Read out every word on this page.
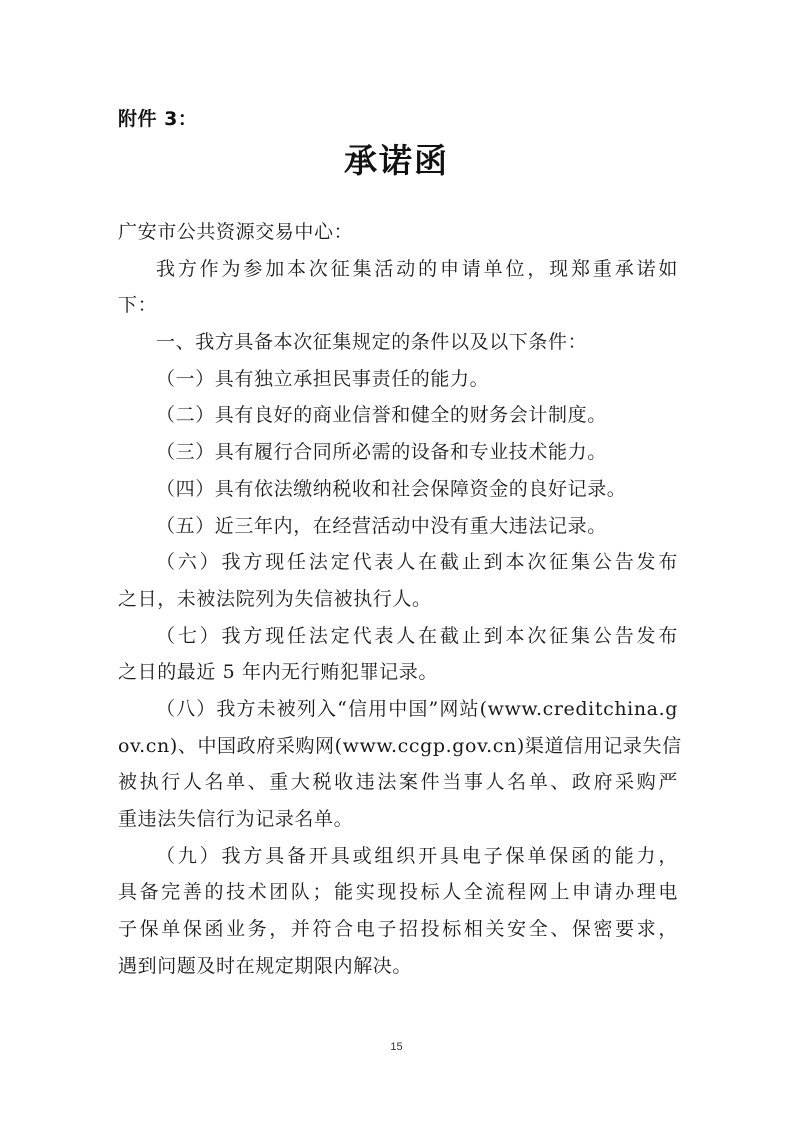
附件 3：
承诺函

广安市公共资源交易中心：

我方作为参加本次征集活动的申请单位，现郑重承诺如

下：

一、我方具备本次征集规定的条件以及以下条件：

（一）具有独立承担民事责任的能力。

（二）具有良好的商业信誉和健全的财务会计制度。

（三）具有履行合同所必需的设备和专业技术能力。

（四）具有依法缴纳税收和社会保障资金的良好记录。

（五）近三年内，在经营活动中没有重大违法记录。

（六）我方现任法定代表人在截止到本次征集公告发布

之日，未被法院列为失信被执行人。

（七）我方现任法定代表人在截止到本次征集公告发布

之日的最近 5 年内无行贿犯罪记录。

（八）我方未被列入“信用中国”网站(www.creditchina.g

ov.cn)、中国政府采购网(www.ccgp.gov.cn)渠道信用记录失信

被执行人名单、重大税收违法案件当事人名单、政府采购严

重违法失信行为记录名单。

（九）我方具备开具或组织开具电子保单保函的能力，

具备完善的技术团队；能实现投标人全流程网上申请办理电

子保单保函业务，并符合电子招投标相关安全、保密要求，

遇到问题及时在规定期限内解决。

15
